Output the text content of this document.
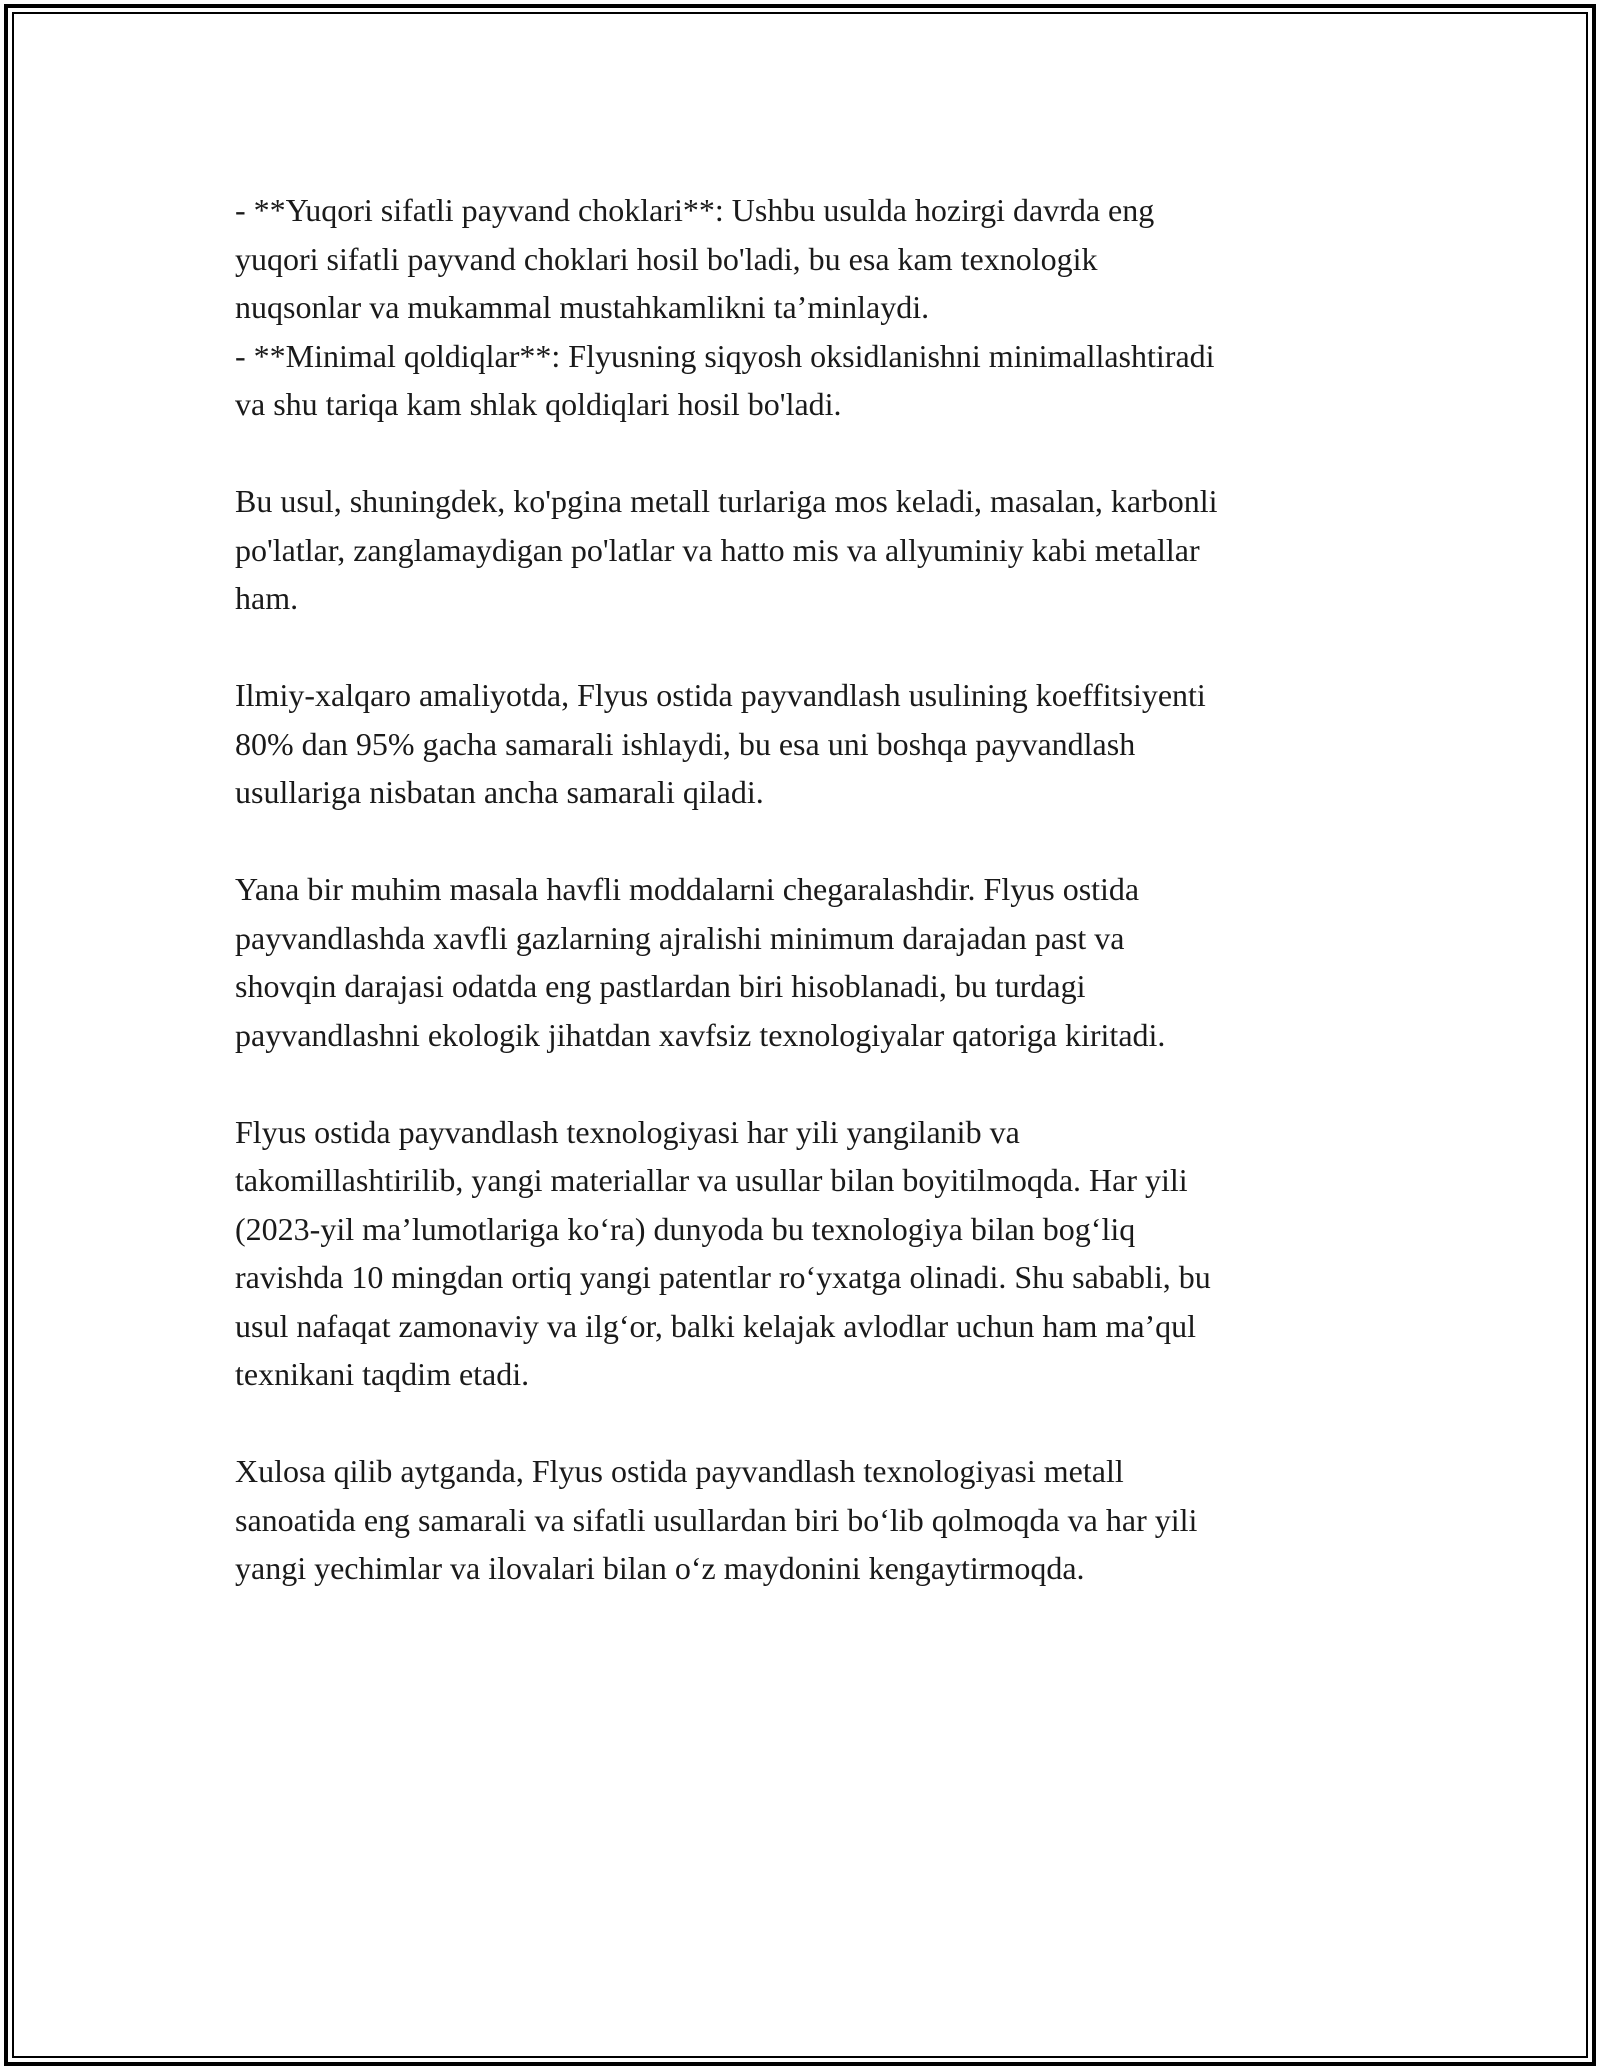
- **Yuqori sifatli payvand choklari**: Ushbu usulda hozirgi davrda eng
yuqori sifatli payvand choklari hosil bo'ladi, bu esa kam texnologik
nuqsonlar va mukammal mustahkamlikni ta’minlaydi.
- **Minimal qoldiqlar**: Flyusning siqyosh oksidlanishni minimallashtiradi
va shu tariqa kam shlak qoldiqlari hosil bo'ladi.
Bu usul, shuningdek, ko'pgina metall turlariga mos keladi, masalan, karbonli
po'latlar, zanglamaydigan po'latlar va hatto mis va allyuminiy kabi metallar
ham.
Ilmiy-xalqaro amaliyotda, Flyus ostida payvandlash usulining koeffitsiyenti
80% dan 95% gacha samarali ishlaydi, bu esa uni boshqa payvandlash
usullariga nisbatan ancha samarali qiladi.
Yana bir muhim masala havfli moddalarni chegaralashdir. Flyus ostida
payvandlashda xavfli gazlarning ajralishi minimum darajadan past va
shovqin darajasi odatda eng pastlardan biri hisoblanadi, bu turdagi
payvandlashni ekologik jihatdan xavfsiz texnologiyalar qatoriga kiritadi.
Flyus ostida payvandlash texnologiyasi har yili yangilanib va
takomillashtirilib, yangi materiallar va usullar bilan boyitilmoqda. Har yili
(2023-yil ma’lumotlariga ko‘ra) dunyoda bu texnologiya bilan bog‘liq
ravishda 10 mingdan ortiq yangi patentlar ro‘yxatga olinadi. Shu sababli, bu
usul nafaqat zamonaviy va ilg‘or, balki kelajak avlodlar uchun ham ma’qul
texnikani taqdim etadi.
Xulosa qilib aytganda, Flyus ostida payvandlash texnologiyasi metall
sanoatida eng samarali va sifatli usullardan biri bo‘lib qolmoqda va har yili
yangi yechimlar va ilovalari bilan o‘z maydonini kengaytirmoqda.
